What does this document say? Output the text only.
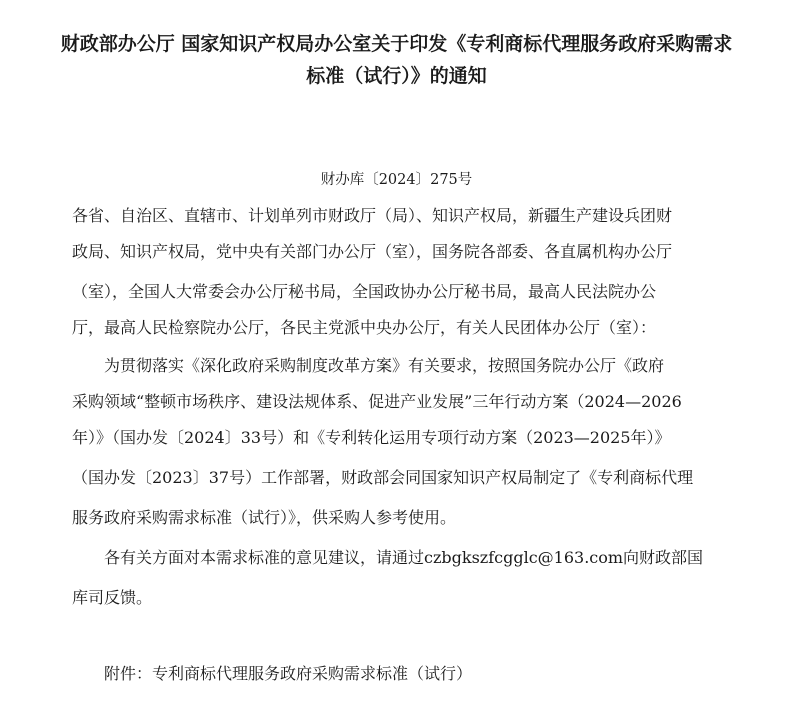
财政部办公厅 国家知识产权局办公室关于印发《专利商标代理服务政府采购需求
标准（试行）》的通知
财办库〔2024〕275号
各省、自治区、直辖市、计划单列市财政厅（局）、知识产权局，新疆生产建设兵团财
政局、知识产权局，党中央有关部门办公厅（室），国务院各部委、各直属机构办公厅
（室），全国人大常委会办公厅秘书局，全国政协办公厅秘书局，最高人民法院办公
厅，最高人民检察院办公厅，各民主党派中央办公厅，有关人民团体办公厅（室）：
为贯彻落实《深化政府采购制度改革方案》有关要求，按照国务院办公厅《政府
采购领域“整顿市场秩序、建设法规体系、促进产业发展”三年行动方案（2024—2026
年）》（国办发〔2024〕33号）和《专利转化运用专项行动方案（2023—2025年）》
（国办发〔2023〕37号）工作部署，财政部会同国家知识产权局制定了《专利商标代理
服务政府采购需求标准（试行）》，供采购人参考使用。
各有关方面对本需求标准的意见建议，请通过czbgkszfcgglc@163.com向财政部国
库司反馈。
附件：专利商标代理服务政府采购需求标准（试行）
